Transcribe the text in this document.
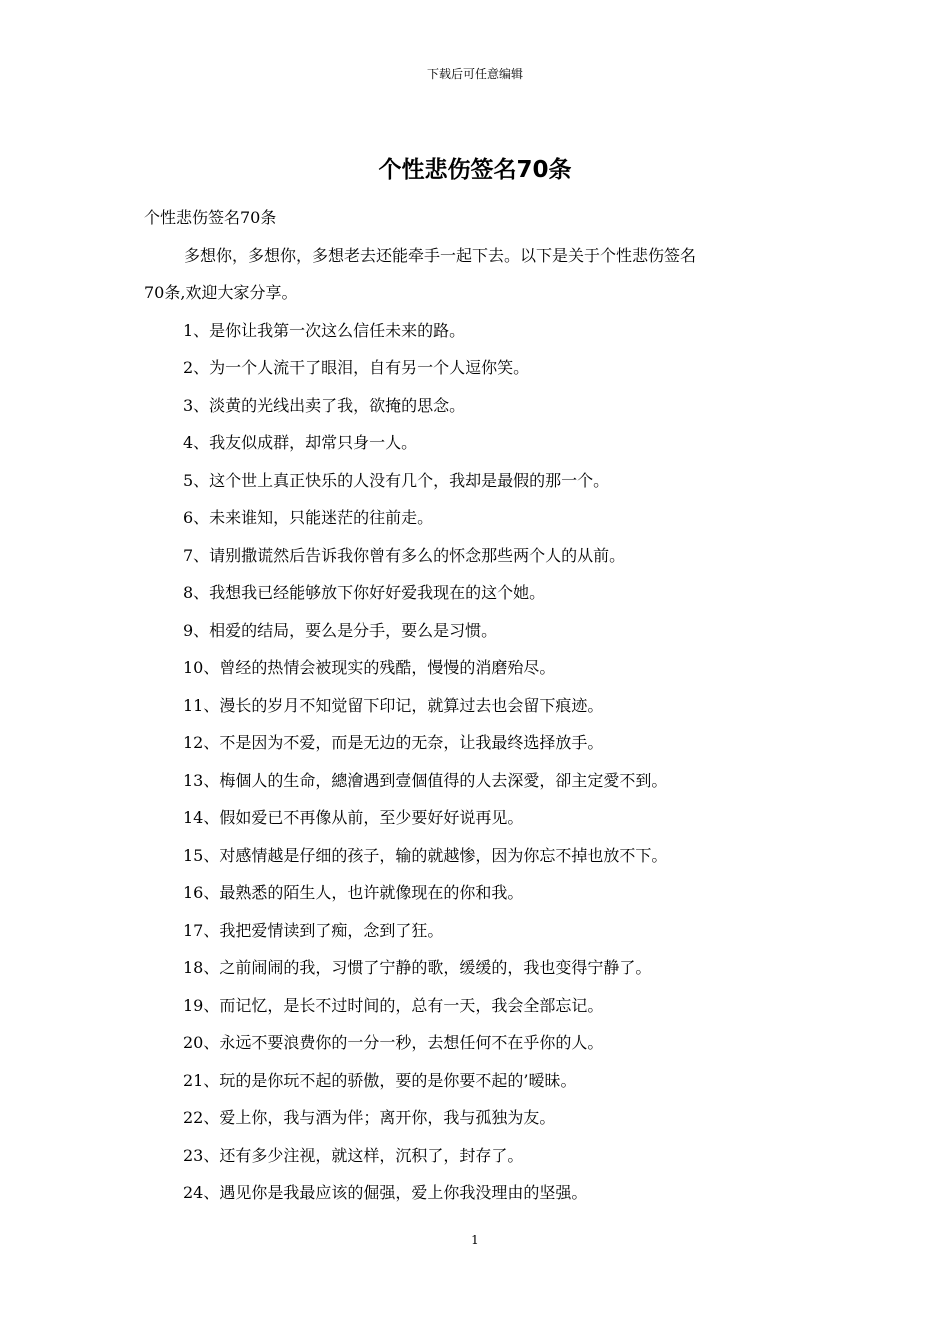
下载后可任意编辑
个性悲伤签名70条

个性悲伤签名70条

多想你，多想你，多想老去还能牵手一起下去。以下是关于个性悲伤签名

70条,欢迎大家分享。

1、是你让我第一次这么信任未来的路。

2、为一个人流干了眼泪，自有另一个人逗你笑。

3、淡黄的光线出卖了我，欲掩的思念。

4、我友似成群，却常只身一人。

5、这个世上真正快乐的人没有几个，我却是最假的那一个。

6、未来谁知，只能迷茫的往前走。

7、请别撒谎然后告诉我你曾有多么的怀念那些两个人的从前。

8、我想我已经能够放下你好好爱我现在的这个她。

9、相爱的结局，要么是分手，要么是习惯。

10、曾经的热情会被现实的残酷，慢慢的消磨殆尽。

11、漫长的岁月不知觉留下印记，就算过去也会留下痕迹。

12、不是因为不爱，而是无边的无奈，让我最终选择放手。

13、梅個人的生命，總澮遇到壹個值得的人去深愛，卻主定愛不到。

14、假如爱已不再像从前，至少要好好说再见。

15、对感情越是仔细的孩子，输的就越惨，因为你忘不掉也放不下。

16、最熟悉的陌生人，也许就像现在的你和我。

17、我把爱情读到了痴，念到了狂。

18、之前闹闹的我，习惯了宁静的歌，缓缓的，我也变得宁静了。

19、而记忆，是长不过时间的，总有一天，我会全部忘记。

20、永远不要浪费你的一分一秒，去想任何不在乎你的人。

21、玩的是你玩不起的骄傲，要的是你要不起的’暧昧。

22、爱上你，我与酒为伴；离开你，我与孤独为友。

23、还有多少注视，就这样，沉积了，封存了。

24、遇见你是我最应该的倔强，爱上你我没理由的坚强。

1
